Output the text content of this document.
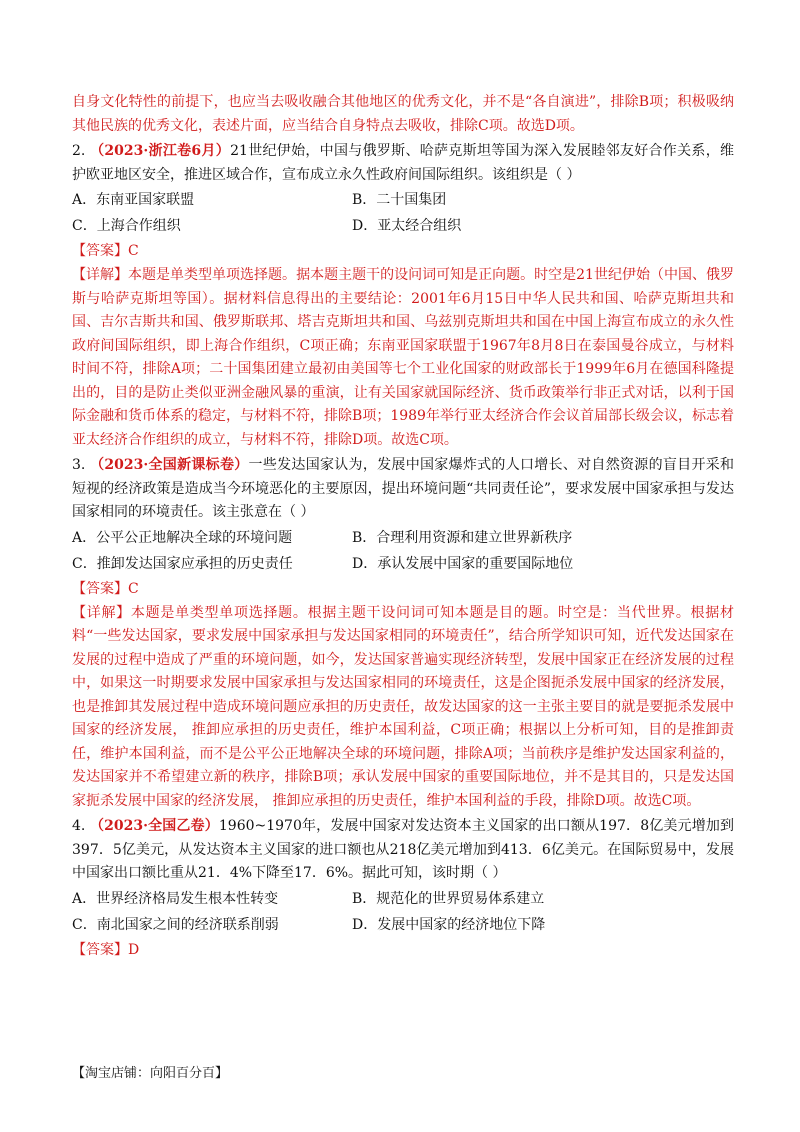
自身文化特性的前提下，也应当去吸收融合其他地区的优秀文化，并不是“各自演进”，排除B项；积极吸纳其他民族的优秀文化，表述片面，应当结合自身特点去吸收，排除C项。故选D项。

2. （2023·浙江卷6月）21世纪伊始，中国与俄罗斯、哈萨克斯坦等国为深入发展睦邻友好合作关系，维护欧亚地区安全，推进区域合作，宣布成立永久性政府间国际组织。该组织是（ ）

A．东南亚国家联盟	B．二十国集团
C．上海合作组织	D．亚太经合组织
【答案】C

【详解】本题是单类型单项选择题。据本题主题干的设问词可知是正向题。时空是21世纪伊始（中国、俄罗斯与哈萨克斯坦等国）。据材料信息得出的主要结论：2001年6月15日中华人民共和国、哈萨克斯坦共和国、吉尔吉斯共和国、俄罗斯联邦、塔吉克斯坦共和国、乌兹别克斯坦共和国在中国上海宣布成立的永久性政府间国际组织，即上海合作组织，C项正确；东南亚国家联盟于1967年8月8日在泰国曼谷成立，与材料时间不符，排除A项；二十国集团建立最初由美国等七个工业化国家的财政部长于1999年6月在德国科隆提出的，目的是防止类似亚洲金融风暴的重演，让有关国家就国际经济、货币政策举行非正式对话，以利于国际金融和货币体系的稳定，与材料不符，排除B项；1989年举行亚太经济合作会议首届部长级会议，标志着亚太经济合作组织的成立，与材料不符，排除D项。故选C项。

3. （2023·全国新课标卷）一些发达国家认为，发展中国家爆炸式的人口增长、对自然资源的盲目开采和短视的经济政策是造成当今环境恶化的主要原因，提出环境问题“共同责任论”，要求发展中国家承担与发达国家相同的环境责任。该主张意在（ ）

A．公平公正地解决全球的环境问题	B．合理利用资源和建立世界新秩序
C．推卸发达国家应承担的历史责任	D．承认发展中国家的重要国际地位
【答案】C

【详解】本题是单类型单项选择题。根据主题干设问词可知本题是目的题。时空是：当代世界。根据材料“一些发达国家，要求发展中国家承担与发达国家相同的环境责任”，结合所学知识可知，近代发达国家在发展的过程中造成了严重的环境问题，如今，发达国家普遍实现经济转型，发展中国家正在经济发展的过程中，如果这一时期要求发展中国家承担与发达国家相同的环境责任，这是企图扼杀发展中国家的经济发展，也是推卸其发展过程中造成环境问题应承担的历史责任，故发达国家的这一主张主要目的就是要扼杀发展中国家的经济发展， 推卸应承担的历史责任，维护本国利益，C项正确；根据以上分析可知，目的是推卸责任，维护本国利益，而不是公平公正地解决全球的环境问题，排除A项；当前秩序是维护发达国家利益的，发达国家并不希望建立新的秩序，排除B项；承认发展中国家的重要国际地位，并不是其目的，只是发达国家扼杀发展中国家的经济发展， 推卸应承担的历史责任，维护本国利益的手段，排除D项。故选C项。

4. （2023·全国乙卷）1960~1970年，发展中国家对发达资本主义国家的出口额从197．8亿美元增加到397．5亿美元，从发达资本主义国家的进口额也从218亿美元增加到413．6亿美元。在国际贸易中，发展中国家出口额比重从21．4%下降至17．6%。据此可知，该时期（ ）

A．世界经济格局发生根本性转变	B．规范化的世界贸易体系建立
C．南北国家之间的经济联系削弱	D．发展中国家的经济地位下降
【答案】D
【淘宝店铺：向阳百分百】
